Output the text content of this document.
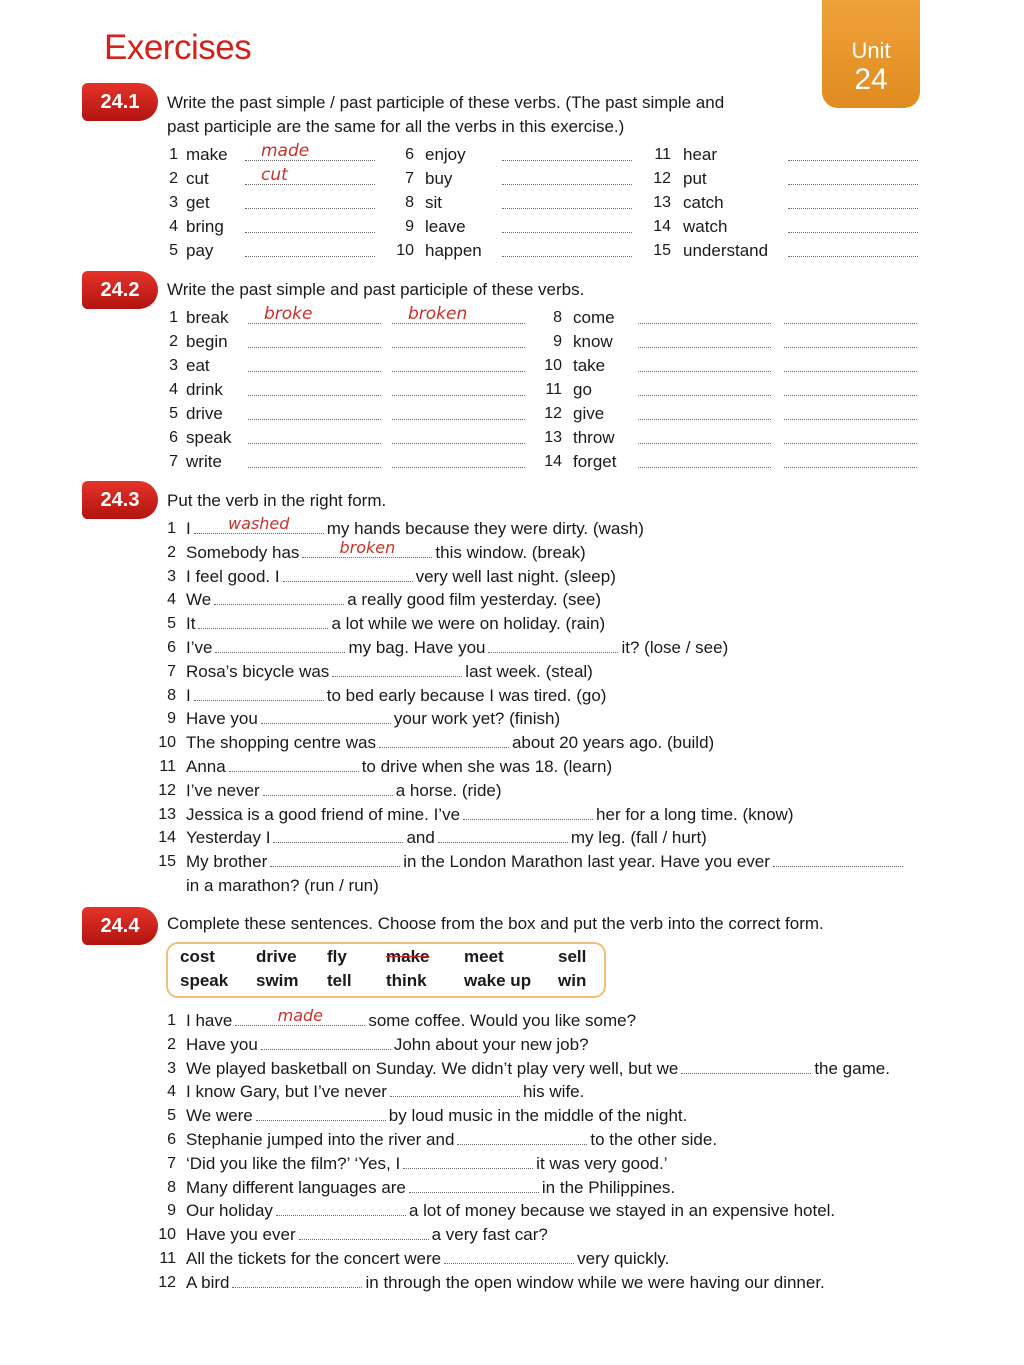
Exercises	Unit
24
24.1	Write the past simple / past participle of these verbs. (The past simple and
past participle are the same for all the verbs in this exercise.)
1 make made
2 cut	cut
3 get
4 bring
5 pay
6 enjoy
7 buy
8 sit
9 leave
10 happen
11 hear
12 put
13 catch
14 watch
15 understand
24.2	Write the past simple and past participle of these verbs.
1 break broke	broken
2 begin
3 eat
4 drink
5 drive
6 speak
7 write
8 come
9 know
10 take
11 go
12 give
13 throw
14 forget
24.3	Put the verb in the right form.
1 I	washed	my hands because they were dirty. (wash)
2 Somebody has	broken	this window. (break)
3 I feel good. I	very well last night. (sleep)
4 We	a really good film yesterday. (see)
5 It	a lot while we were on holiday. (rain)
6 I’ve	my bag. Have you	it? (lose / see)
7 Rosa’s bicycle was	last week. (steal)
8 I	to bed early because I was tired. (go)
9 Have you	your work yet? (finish)
10 The shopping centre was	about 20 years ago. (build)
11 Anna	to drive when she was 18. (learn)
12 I’ve never	a horse. (ride)
13 Jessica is a good friend of mine. I’ve	her for a long time. (know)
14 Yesterday I	and	my leg. (fall / hurt)
15 My brother	in the London Marathon last year. Have you ever
in a marathon? (run / run)
24.4	Complete these sentences. Choose from the box and put the verb into the correct form.
cost drive fly make meet	sell
speak swim tell think wake up win
1 I have	made	some coffee. Would you like some?
2 Have you	John about your new job?
3 We played basketball on Sunday. We didn’t play very well, but we	the game.
4 I know Gary, but I’ve never	his wife.
5 We were	by loud music in the middle of the night.
6 Stephanie jumped into the river and	to the other side.
7 ‘Did you like the film?’ ‘Yes, I	it was very good.’
8 Many different languages are	in the Philippines.
9 Our holiday	a lot of money because we stayed in an expensive hotel.
10 Have you ever	a very fast car?
11 All the tickets for the concert were	very quickly.
12 A bird	in through the open window while we were having our dinner.
